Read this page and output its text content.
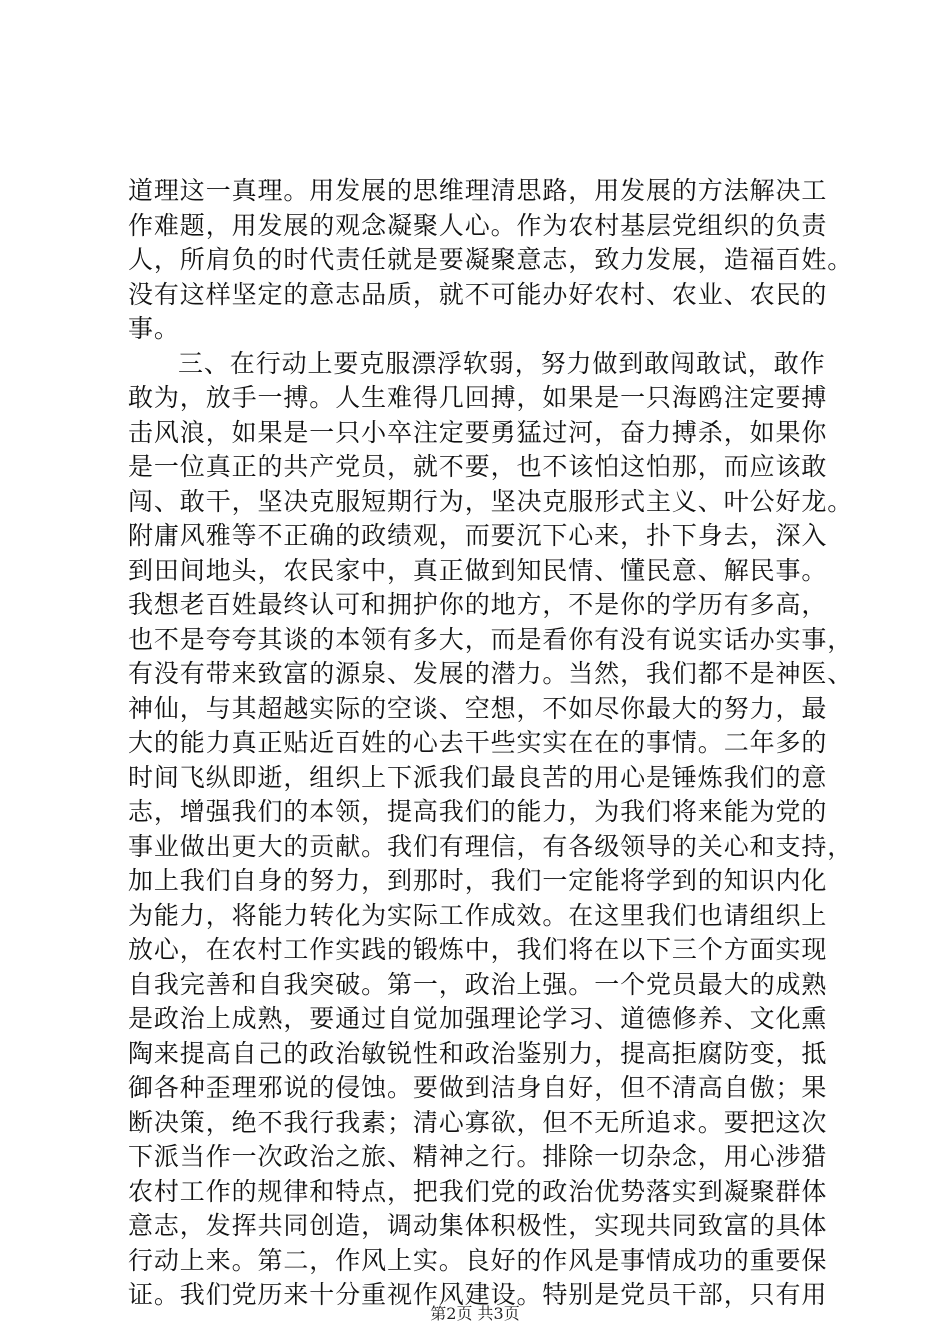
道理这一真理。用发展的思维理清思路，用发展的方法解决工
作难题，用发展的观念凝聚人心。作为农村基层党组织的负责
人，所肩负的时代责任就是要凝聚意志，致力发展，造福百姓。
没有这样坚定的意志品质，就不可能办好农村、农业、农民的
事。
三、在行动上要克服漂浮软弱，努力做到敢闯敢试，敢作
敢为，放手一搏。人生难得几回搏，如果是一只海鸥注定要搏
击风浪，如果是一只小卒注定要勇猛过河，奋力搏杀，如果你
是一位真正的共产党员，就不要，也不该怕这怕那，而应该敢
闯、敢干，坚决克服短期行为，坚决克服形式主义、叶公好龙。
附庸风雅等不正确的政绩观，而要沉下心来，扑下身去，深入
到田间地头，农民家中，真正做到知民情、懂民意、解民事。
我想老百姓最终认可和拥护你的地方，不是你的学历有多高，
也不是夸夸其谈的本领有多大，而是看你有没有说实话办实事，
有没有带来致富的源泉、发展的潜力。当然，我们都不是神医、
神仙，与其超越实际的空谈、空想，不如尽你最大的努力，最
大的能力真正贴近百姓的心去干些实实在在的事情。二年多的
时间飞纵即逝，组织上下派我们最良苦的用心是锤炼我们的意
志，增强我们的本领，提高我们的能力，为我们将来能为党的
事业做出更大的贡献。我们有理信，有各级领导的关心和支持，
加上我们自身的努力，到那时，我们一定能将学到的知识内化
为能力，将能力转化为实际工作成效。在这里我们也请组织上
放心，在农村工作实践的锻炼中，我们将在以下三个方面实现
自我完善和自我突破。第一，政治上强。一个党员最大的成熟
是政治上成熟，要通过自觉加强理论学习、道德修养、文化熏
陶来提高自己的政治敏锐性和政治鉴别力，提高拒腐防变，抵
御各种歪理邪说的侵蚀。要做到洁身自好，但不清高自傲；果
断决策，绝不我行我素；清心寡欲，但不无所追求。要把这次
下派当作一次政治之旅、精神之行。排除一切杂念，用心涉猎
农村工作的规律和特点，把我们党的政治优势落实到凝聚群体
意志，发挥共同创造，调动集体积极性，实现共同致富的具体
行动上来。第二，作风上实。良好的作风是事情成功的重要保
证。我们党历来十分重视作风建设。特别是党员干部，只有用
第2页 共3页
